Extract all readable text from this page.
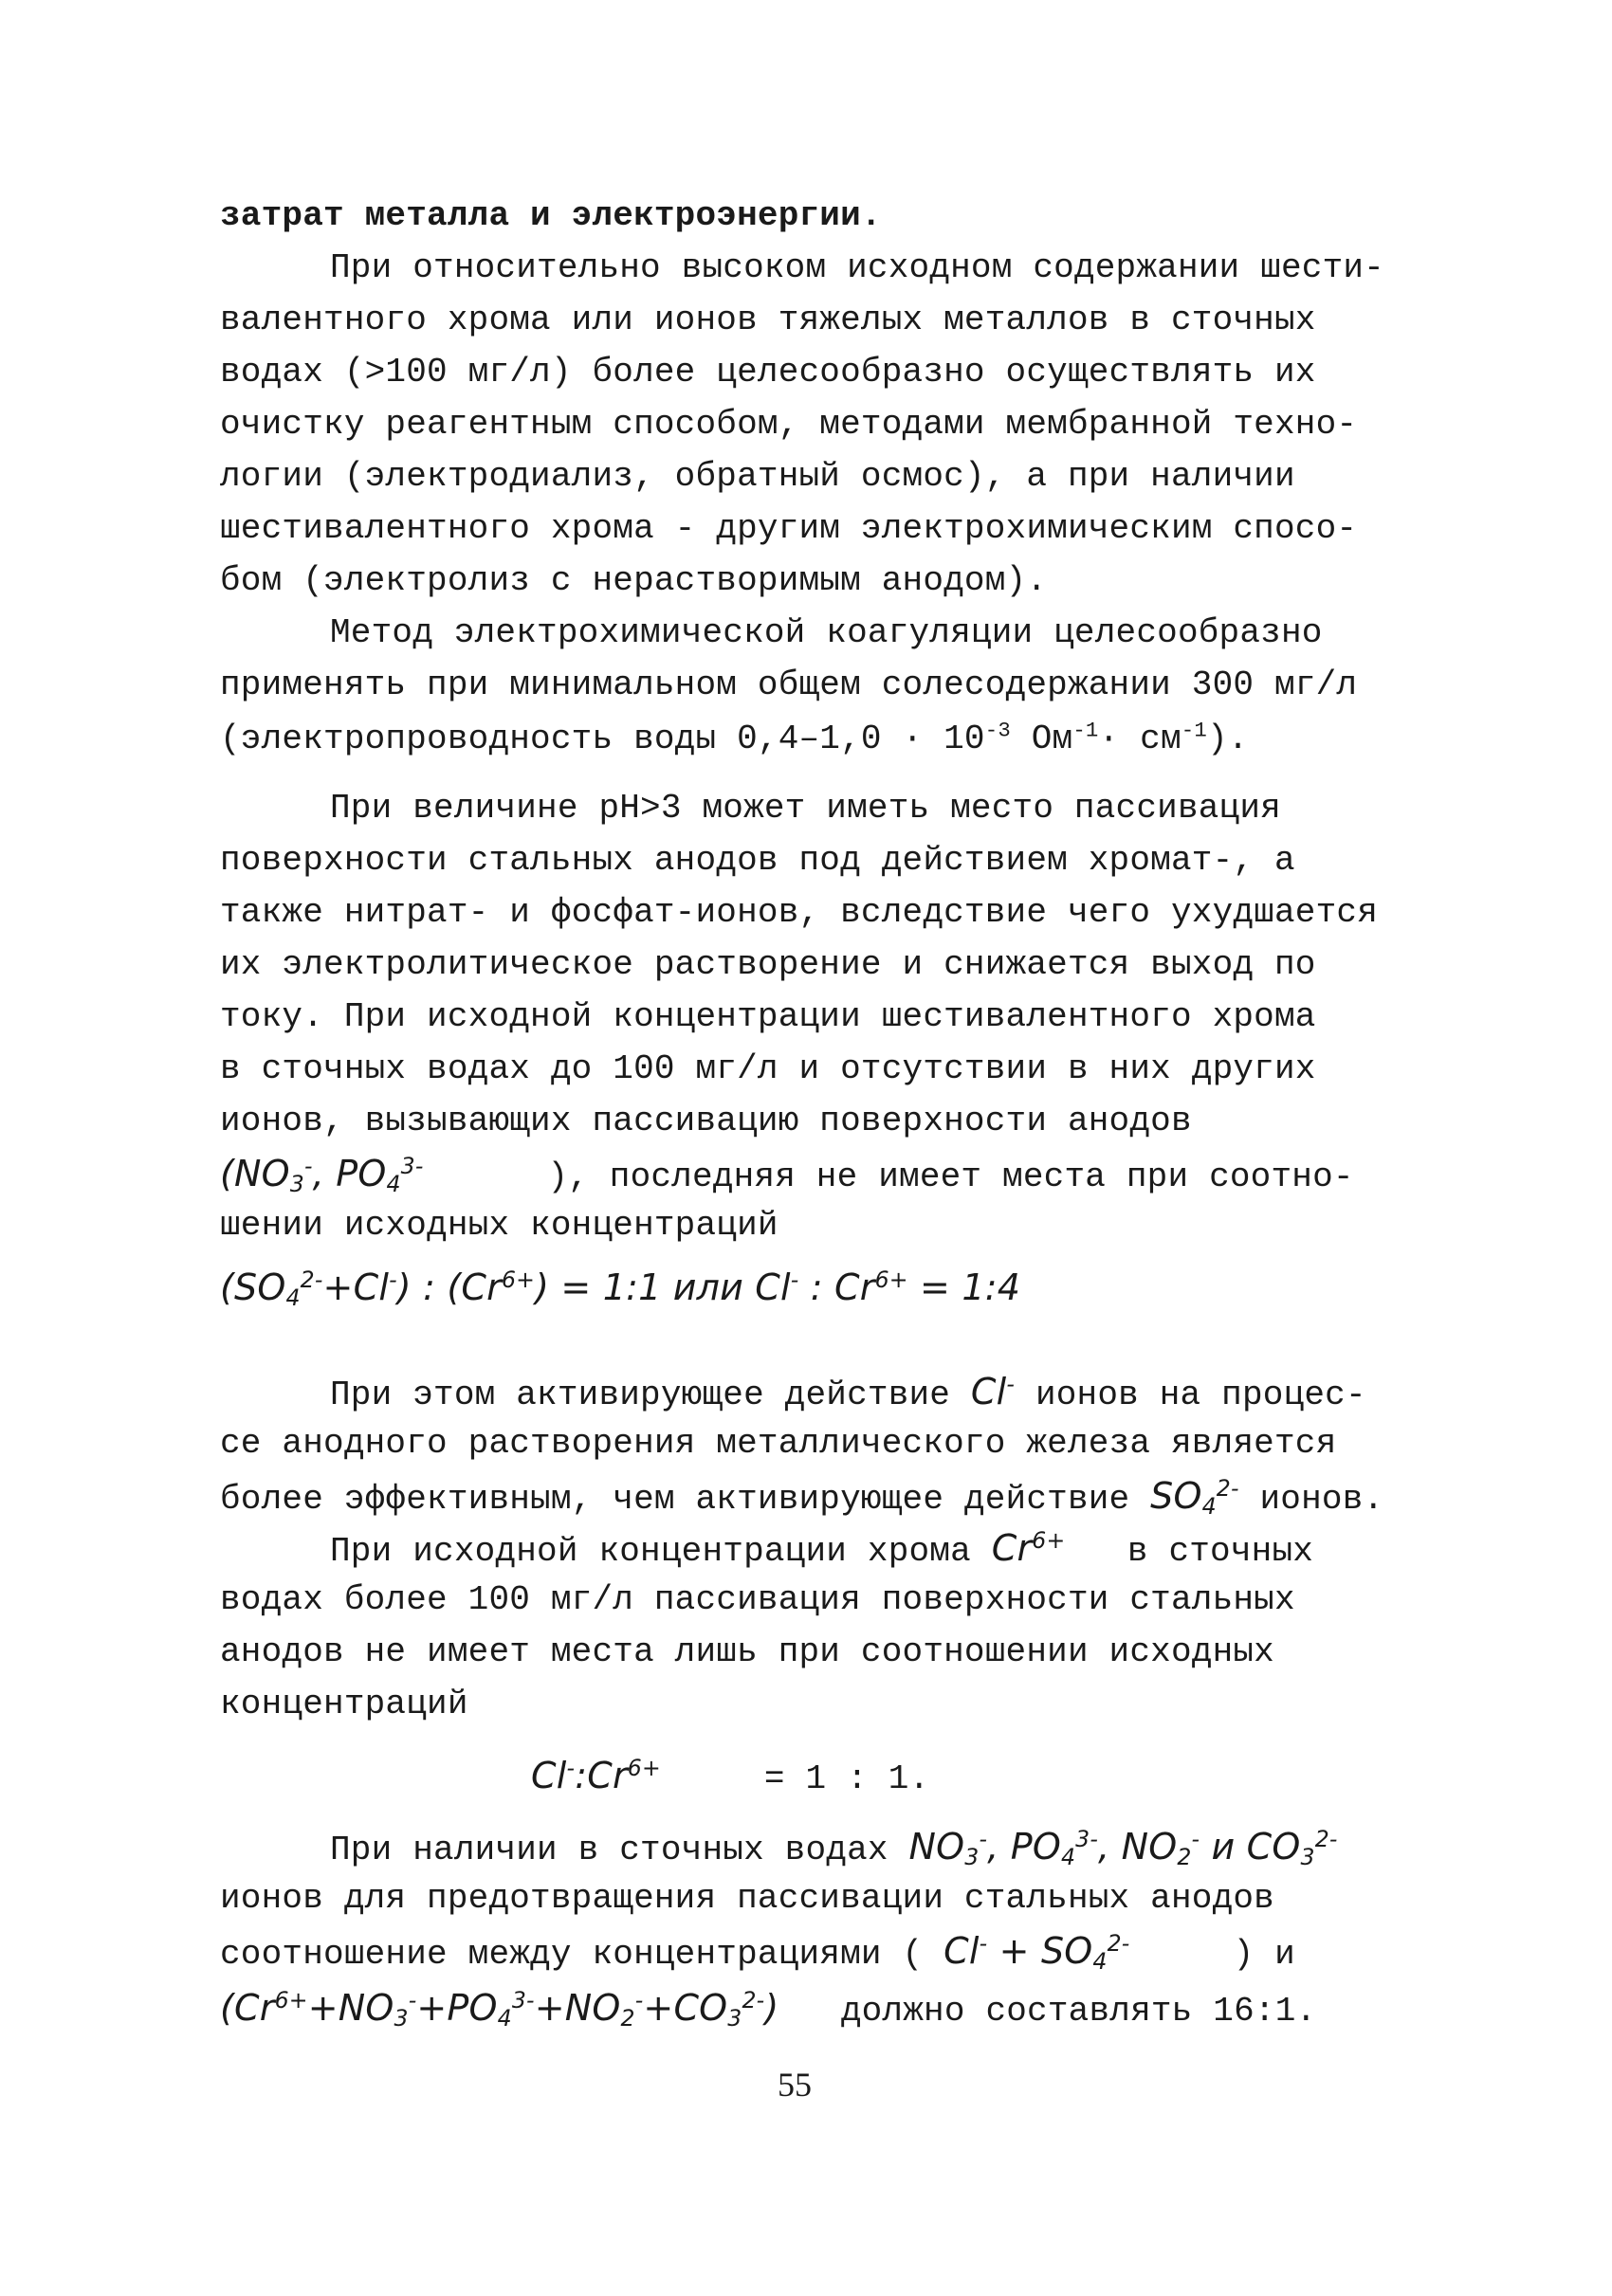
затрат металла и электроэнергии.
При относительно высоком исходном содержании шести-
валентного хрома или ионов тяжелых металлов в сточных
водах (>100 мг/л) более целесообразно осуществлять их
очистку реагентным способом, методами мембранной техно-
логии (электродиализ, обратный осмос), а при наличии
шестивалентного хрома - другим электрохимическим спосо-
бом (электролиз с нерастворимым анодом).
Метод электрохимической коагуляции целесообразно
применять при минимальном общем солесодержании 300 мг/л
(электропроводность воды $0,4-1,0 \cdot 10^{-3}$ $Ом^{-1}\cdot см^{-1}$).
При величине pH>3 может иметь место пассивация
поверхности стальных анодов под действием хромат-, а
также нитрат- и фосфат-ионов, вследствие чего ухудшается
их электролитическое растворение и снижается выход по
току. При исходной концентрации шестивалентного хрома
в сточных водах до 100 мг/л и отсутствии в них других
ионов, вызывающих пассивацию поверхности анодов
($NO_3^-$, $PO_4^{3-}$	), последняя не имеет места при соотно-
шении исходных концентраций
$(SO_4^{2-}+Cl^-)$ : $(Cr^{6+})$ = 1:1 или Cl- : $Cr^{6+}$ = 1:4
При этом активирующее действие Cl- ионов на процес-
се анодного растворения металлического железа является
более эффективным, чем активирующее действие $SO_4^{2-}$ ионов.
При исходной концентрации хрома $Cr^{6+}$ в сточных
водах более 100 мг/л пассивация поверхности стальных
анодов не имеет места лишь при соотношении исходных
концентраций
$Cl^-:Cr^{6+}$	= 1 : 1.
При наличии в сточных водах $NO_3^-$, $PO_4^{3-}$, $NO_2^-$ и $CO_3^{2-}$
ионов для предотвращения пассивации стальных анодов
соотношение между концентрациями ( $Cl^- + SO_4^{2-}$	) и
$(Cr^{6+}+NO_3^-+PO_4^{3-}+NO_2^-+CO_3^{2-})$ должно составлять 16:1.
55
